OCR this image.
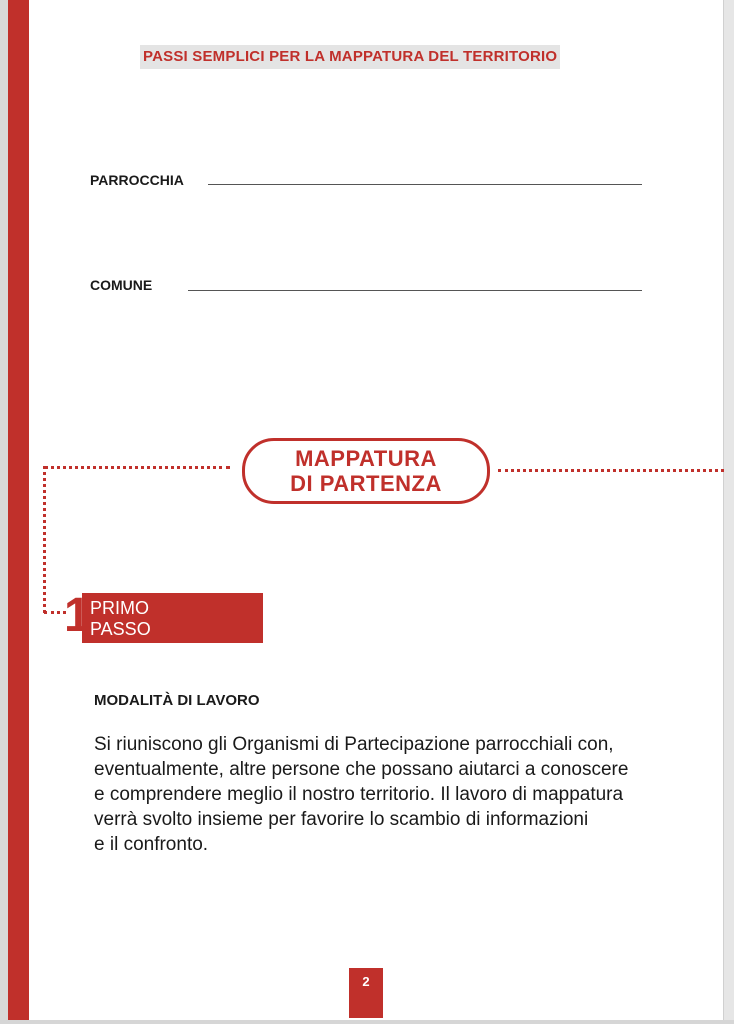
PASSI SEMPLICI PER LA MAPPATURA DEL TERRITORIO
PARROCCHIA
COMUNE
MAPPATURA
DI PARTENZA
1 PRIMO
PASSO
MODALITÀ DI LAVORO
Si riuniscono gli Organismi di Partecipazione parrocchiali con,
eventualmente, altre persone che possano aiutarci a conoscere
e comprendere meglio il nostro territorio. Il lavoro di mappatura
verrà svolto insieme per favorire lo scambio di informazioni
e il confronto.
2
